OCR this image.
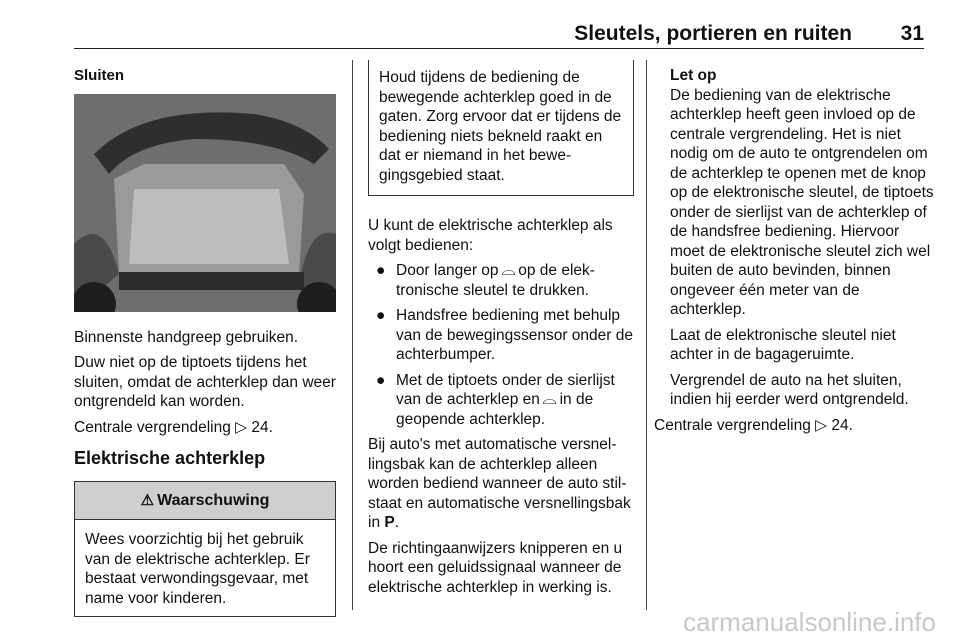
Sleutels, portieren en ruiten 31
Sluiten

Binnenste handgreep gebruiken.

Duw niet op de tiptoets tijdens het sluiten, omdat de achterklep dan weer ontgrendeld kan worden.

Centrale vergrendeling ▷ 24.

Elektrische achterklep
⚠ Waarschuwing
Wees voorzichtig bij het gebruik van de elektrische achterklep. Er bestaat verwondingsgevaar, met name voor kinderen.
Houd tijdens de bediening de bewegende achterklep goed in de gaten. Zorg ervoor dat er tijdens de bediening niets bekneld raakt en dat er niemand in het bewegingsgebied staat.

U kunt de elektrische achterklep als volgt bedienen:

● Door langer op ⌓ op de elektronische sleutel te drukken.
● Handsfree bediening met behulp van de bewegingssensor onder de achterbumper.
● Met de tiptoets onder de sierlijst van de achterklep en ⌓ in de geopende achterklep.

Bij auto's met automatische versnellingsbak kan de achterklep alleen worden bediend wanneer de auto stilstaat en automatische versnellingsbak in P.

De richtingaanwijzers knipperen en u hoort een geluidssignaal wanneer de elektrische achterklep in werking is.

Let op

De bediening van de elektrische achterklep heeft geen invloed op de centrale vergrendeling. Het is niet nodig om de auto te ontgrendelen om de achterklep te openen met de knop op de elektronische sleutel, de tiptoets onder de sierlijst van de achterklep of de handsfree bediening. Hiervoor moet de elektronische sleutel zich wel buiten de auto bevinden, binnen ongeveer één meter van de achterklep.

Laat de elektronische sleutel niet achter in de bagageruimte.

Vergrendel de auto na het sluiten, indien hij eerder werd ontgrendeld.

Centrale vergrendeling ▷ 24.

carmanualsonline.info
